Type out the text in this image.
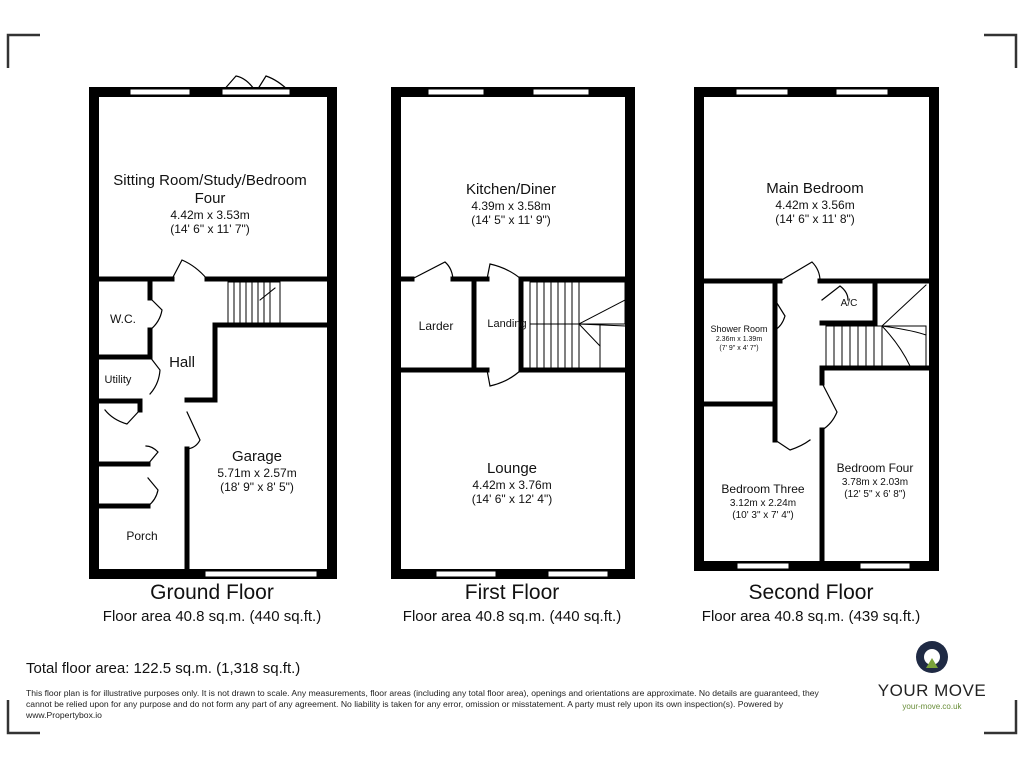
Sitting Room/Study/Bedroom
Four
4.42m x 3.53m
(14' 6" x 11' 7")
W.C.
Hall
Utility
Porch
Garage
5.71m x 2.57m
(18' 9" x 8' 5")
Ground Floor
Floor area 40.8 sq.m. (440 sq.ft.)
Kitchen/Diner
4.39m x 3.58m
(14' 5" x 11' 9")
Larder	Landing
Lounge
4.42m x 3.76m
(14' 6" x 12' 4")
First Floor
Floor area 40.8 sq.m. (440 sq.ft.)
Main Bedroom
4.42m x 3.56m
(14' 6" x 11' 8")
A/C
Shower Room
2.36m x 1.39m
(7' 9" x 4' 7")
Bedroom Three
3.12m x 2.24m
(10' 3" x 7' 4")
Bedroom Four
3.78m x 2.03m
(12' 5" x 6' 8")
Second Floor
Floor area 40.8 sq.m. (439 sq.ft.)
Total floor area: 122.5 sq.m. (1,318 sq.ft.)
This floor plan is for illustrative purposes only. It is not drawn to scale. Any measurements, floor areas (including any total floor area), openings and orientations are approximate. No details are guaranteed, they cannot be relied upon for any purpose and do not form any part of any agreement. No liability is taken for any error, omission or misstatement. A party must rely upon its own inspection(s). Powered by www.Propertybox.io
YOUR MOVE
your-move.co.uk
